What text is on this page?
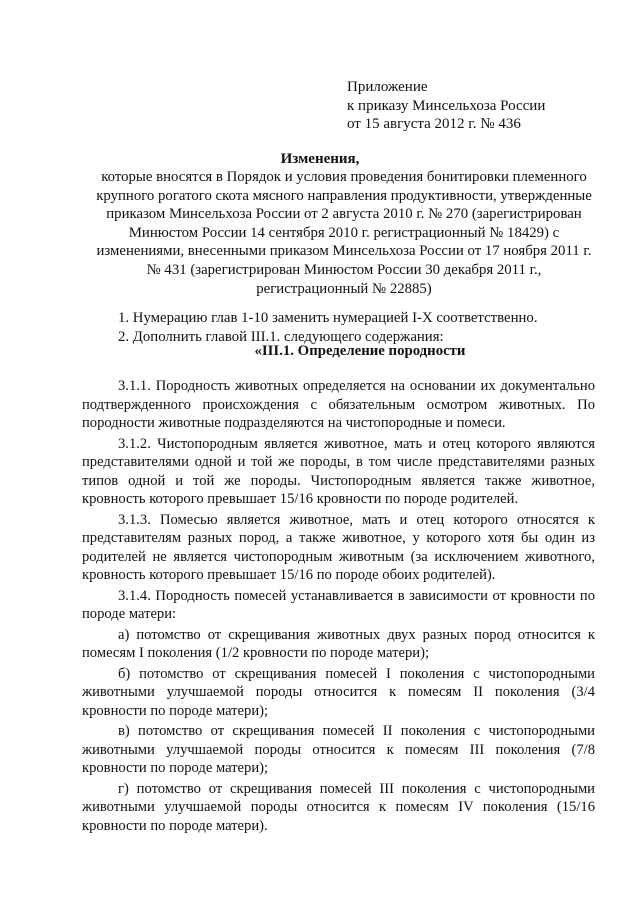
Приложение
к приказу Минсельхоза России
от 15 августа 2012 г. № 436
Изменения,
которые вносятся в Порядок и условия проведения бонитировки племенного
крупного рогатого скота мясного направления продуктивности, утвержденные
приказом Минсельхоза России от 2 августа 2010 г. № 270 (зарегистрирован
Минюстом России 14 сентября 2010 г. регистрационный № 18429) с
изменениями, внесенными приказом Минсельхоза России от 17 ноября 2011 г.
№ 431 (зарегистрирован Минюстом России 30 декабря 2011 г.,
регистрационный № 22885)
1. Нумерацию глав 1-10 заменить нумерацией I-X соответственно.
2. Дополнить главой III.1. следующего содержания:
«III.1. Определение породности

3.1.1. Породность животных определяется на основании их документально подтвержденного происхождения с обязательным осмотром животных. По породности животные подразделяются на чистопородные и помеси.

3.1.2. Чистопородным является животное, мать и отец которого являются представителями одной и той же породы, в том числе представителями разных типов одной и той же породы. Чистопородным является также животное, кровность которого превышает 15/16 кровности по породе родителей.

3.1.3. Помесью является животное, мать и отец которого относятся к представителям разных пород, а также животное, у которого хотя бы один из родителей не является чистопородным животным (за исключением животного, кровность которого превышает 15/16 по породе обоих родителей).

3.1.4. Породность помесей устанавливается в зависимости от кровности по породе матери:

а) потомство от скрещивания животных двух разных пород относится к помесям I поколения (1/2 кровности по породе матери);

б) потомство от скрещивания помесей I поколения с чистопородными животными улучшаемой породы относится к помесям II поколения (3/4 кровности по породе матери);

в) потомство от скрещивания помесей II поколения с чистопородными животными улучшаемой породы относится к помесям III поколения (7/8 кровности по породе матери);

г) потомство от скрещивания помесей III поколения с чистопородными животными улучшаемой породы относится к помесям IV поколения (15/16 кровности по породе матери).
